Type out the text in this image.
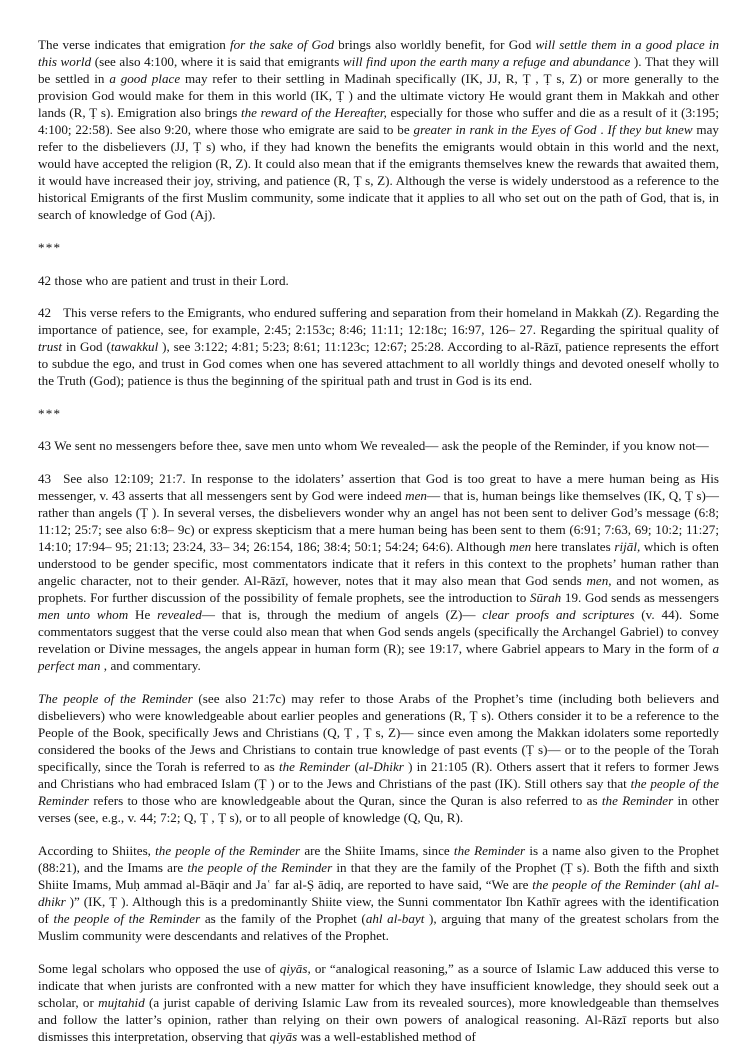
The verse indicates that emigration for the sake of God brings also worldly benefit, for God will settle them in a good place in this world (see also 4:100, where it is said that emigrants will find upon the earth many a refuge and abundance ). That they will be settled in a good place may refer to their settling in Madinah specifically (IK, JJ, R, Ṭ , Ṭ s, Z) or more generally to the provision God would make for them in this world (IK, Ṭ ) and the ultimate victory He would grant them in Makkah and other lands (R, Ṭ s). Emigration also brings the reward of the Hereafter, especially for those who suffer and die as a result of it (3:195; 4:100; 22:58). See also 9:20, where those who emigrate are said to be greater in rank in the Eyes of God . If they but knew may refer to the disbelievers (JJ, Ṭ s) who, if they had known the benefits the emigrants would obtain in this world and the next, would have accepted the religion (R, Z). It could also mean that if the emigrants themselves knew the rewards that awaited them, it would have increased their joy, striving, and patience (R, Ṭ s, Z). Although the verse is widely understood as a reference to the historical Emigrants of the first Muslim community, some indicate that it applies to all who set out on the path of God, that is, in search of knowledge of God (Aj).

***

42 those who are patient and trust in their Lord.

42 This verse refers to the Emigrants, who endured suffering and separation from their homeland in Makkah (Z). Regarding the importance of patience, see, for example, 2:45; 2:153c; 8:46; 11:11; 12:18c; 16:97, 126– 27. Regarding the spiritual quality of trust in God (tawakkul ), see 3:122; 4:81; 5:23; 8:61; 11:123c; 12:67; 25:28. According to al-Rāzī, patience represents the effort to subdue the ego, and trust in God comes when one has severed attachment to all worldly things and devoted oneself wholly to the Truth (God); patience is thus the beginning of the spiritual path and trust in God is its end.

***

43 We sent no messengers before thee, save men unto whom We revealed— ask the people of the Reminder, if you know not—

43 See also 12:109; 21:7. In response to the idolaters’ assertion that God is too great to have a mere human being as His messenger, v. 43 asserts that all messengers sent by God were indeed men— that is, human beings like themselves (IK, Q, Ṭ s)— rather than angels (Ṭ ). In several verses, the disbelievers wonder why an angel has not been sent to deliver God’s message (6:8; 11:12; 25:7; see also 6:8– 9c) or express skepticism that a mere human being has been sent to them (6:91; 7:63, 69; 10:2; 11:27; 14:10; 17:94– 95; 21:13; 23:24, 33– 34; 26:154, 186; 38:4; 50:1; 54:24; 64:6). Although men here translates rijāl, which is often understood to be gender specific, most commentators indicate that it refers in this context to the prophets’ human rather than angelic character, not to their gender. Al-Rāzī, however, notes that it may also mean that God sends men, and not women, as prophets. For further discussion of the possibility of female prophets, see the introduction to Sūrah 19. God sends as messengers men unto whom He revealed— that is, through the medium of angels (Z)— clear proofs and scriptures (v. 44). Some commentators suggest that the verse could also mean that when God sends angels (specifically the Archangel Gabriel) to convey revelation or Divine messages, the angels appear in human form (R); see 19:17, where Gabriel appears to Mary in the form of a perfect man , and commentary.

The people of the Reminder (see also 21:7c) may refer to those Arabs of the Prophet’s time (including both believers and disbelievers) who were knowledgeable about earlier peoples and generations (R, Ṭ s). Others consider it to be a reference to the People of the Book, specifically Jews and Christians (Q, Ṭ , Ṭ s, Z)— since even among the Makkan idolaters some reportedly considered the books of the Jews and Christians to contain true knowledge of past events (Ṭ s)— or to the people of the Torah specifically, since the Torah is referred to as the Reminder (al-Dhikr ) in 21:105 (R). Others assert that it refers to former Jews and Christians who had embraced Islam (Ṭ ) or to the Jews and Christians of the past (IK). Still others say that the people of the Reminder refers to those who are knowledgeable about the Quran, since the Quran is also referred to as the Reminder in other verses (see, e.g., v. 44; 7:2; Q, Ṭ , Ṭ s), or to all people of knowledge (Q, Qu, R).

According to Shiites, the people of the Reminder are the Shiite Imams, since the Reminder is a name also given to the Prophet (88:21), and the Imams are the people of the Reminder in that they are the family of the Prophet (Ṭ s). Both the fifth and sixth Shiite Imams, Muḥ ammad al-Bāqir and Jaʿ far al-Ṣ ādiq, are reported to have said, “We are the people of the Reminder (ahl al-dhikr )” (IK, Ṭ ). Although this is a predominantly Shiite view, the Sunni commentator Ibn Kathīr agrees with the identification of the people of the Reminder as the family of the Prophet (ahl al-bayt ), arguing that many of the greatest scholars from the Muslim community were descendants and relatives of the Prophet.

Some legal scholars who opposed the use of qiyās, or “analogical reasoning,” as a source of Islamic Law adduced this verse to indicate that when jurists are confronted with a new matter for which they have insufficient knowledge, they should seek out a scholar, or mujtahid (a jurist capable of deriving Islamic Law from its revealed sources), more knowledgeable than themselves and follow the latter’s opinion, rather than relying on their own powers of analogical reasoning. Al-Rāzī reports but also dismisses this interpretation, observing that qiyās was a well-established method of
